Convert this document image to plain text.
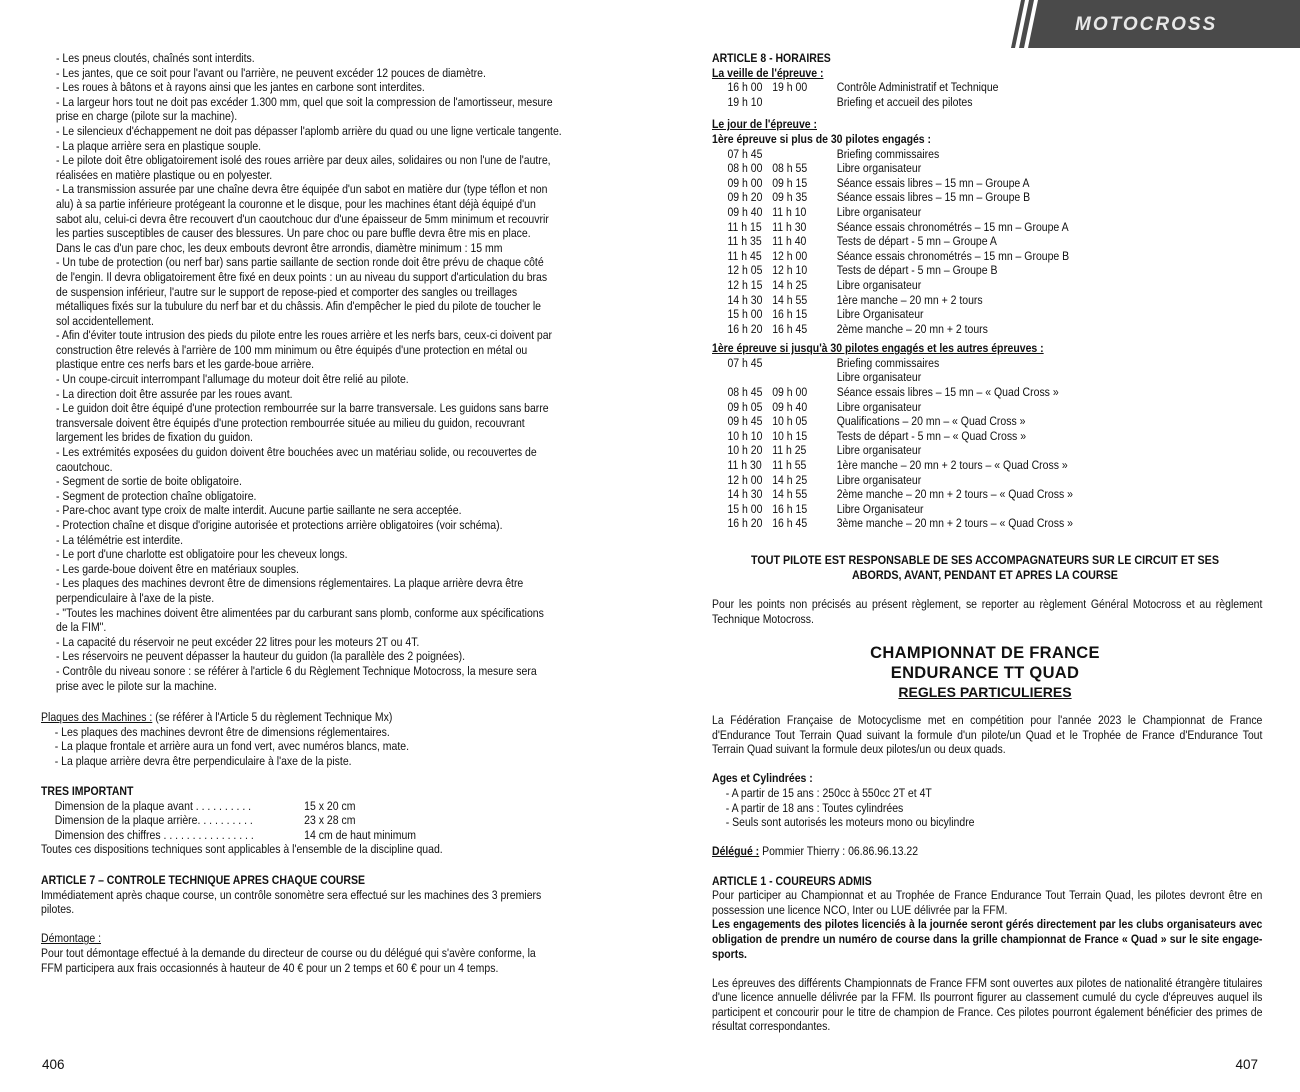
- Les pneus cloutés, chaînés sont interdits.
- Les jantes, que ce soit pour l'avant ou l'arrière, ne peuvent excéder 12 pouces de diamètre.
- Les roues à bâtons et à rayons ainsi que les jantes en carbone sont interdites.
- La largeur hors tout ne doit pas excéder 1.300 mm, quel que soit la compression de l'amortisseur, mesure
prise en charge (pilote sur la machine).
- Le silencieux d'échappement ne doit pas dépasser l'aplomb arrière du quad ou une ligne verticale tangente.
- La plaque arrière sera en plastique souple.
- Le pilote doit être obligatoirement isolé des roues arrière par deux ailes, solidaires ou non l'une de l'autre,
réalisées en matière plastique ou en polyester.
- La transmission assurée par une chaîne devra être équipée d'un sabot en matière dur (type téflon et non
alu) à sa partie inférieure protégeant la couronne et le disque, pour les machines étant déjà équipé d'un
sabot alu, celui-ci devra être recouvert d'un caoutchouc dur d'une épaisseur de 5mm minimum et recouvrir
les parties susceptibles de causer des blessures. Un pare choc ou pare buffle devra être mis en place.
Dans le cas d'un pare choc, les deux embouts devront être arrondis, diamètre minimum : 15 mm
- Un tube de protection (ou nerf bar) sans partie saillante de section ronde doit être prévu de chaque côté
de l'engin. Il devra obligatoirement être fixé en deux points : un au niveau du support d'articulation du bras
de suspension inférieur, l'autre sur le support de repose-pied et comporter des sangles ou treillages
métalliques fixés sur la tubulure du nerf bar et du châssis. Afin d'empêcher le pied du pilote de toucher le
sol accidentellement.
- Afin d'éviter toute intrusion des pieds du pilote entre les roues arrière et les nerfs bars, ceux-ci doivent par
construction être relevés à l'arrière de 100 mm minimum ou être équipés d'une protection en métal ou
plastique entre ces nerfs bars et les garde-boue arrière.
- Un coupe-circuit interrompant l'allumage du moteur doit être relié au pilote.
- La direction doit être assurée par les roues avant.
- Le guidon doit être équipé d'une protection rembourrée sur la barre transversale. Les guidons sans barre
transversale doivent être équipés d'une protection rembourrée située au milieu du guidon, recouvrant
largement les brides de fixation du guidon.
- Les extrémités exposées du guidon doivent être bouchées avec un matériau solide, ou recouvertes de
caoutchouc.
- Segment de sortie de boite obligatoire.
- Segment de protection chaîne obligatoire.
- Pare-choc avant type croix de malte interdit. Aucune partie saillante ne sera acceptée.
- Protection chaîne et disque d'origine autorisée et protections arrière obligatoires (voir schéma).
- La télémétrie est interdite.
- Le port d'une charlotte est obligatoire pour les cheveux longs.
- Les garde-boue doivent être en matériaux souples.
- Les plaques des machines devront être de dimensions réglementaires. La plaque arrière devra être
perpendiculaire à l'axe de la piste.
- "Toutes les machines doivent être alimentées par du carburant sans plomb, conforme aux spécifications
de la FIM".
- La capacité du réservoir ne peut excéder 22 litres pour les moteurs 2T ou 4T.
- Les réservoirs ne peuvent dépasser la hauteur du guidon (la parallèle des 2 poignées).
- Contrôle du niveau sonore : se référer à l'article 6 du Règlement Technique Motocross, la mesure sera
prise avec le pilote sur la machine.
Plaques des Machines : (se référer à l'Article 5 du règlement Technique Mx)
- Les plaques des machines devront être de dimensions réglementaires.
- La plaque frontale et arrière aura un fond vert, avec numéros blancs, mate.
- La plaque arrière devra être perpendiculaire à l'axe de la piste.
TRES IMPORTANT
Dimension de la plaque avant . . . . . . . . . .	15 x 20 cm
Dimension de la plaque arrière. . . . . . . . . .	23 x 28 cm
Dimension des chiffres . . . . . . . . . . . . . . . .	14 cm de haut minimum
Toutes ces dispositions techniques sont applicables à l'ensemble de la discipline quad.
ARTICLE 7 – CONTROLE TECHNIQUE APRES CHAQUE COURSE
Immédiatement après chaque course, un contrôle sonomètre sera effectué sur les machines des 3 premiers
pilotes.
Démontage :
Pour tout démontage effectué à la demande du directeur de course ou du délégué qui s'avère conforme, la
FFM participera aux frais occasionnés à hauteur de 40 € pour un 2 temps et 60 € pour un 4 temps.
406
MOTOCROSS
ARTICLE 8 - HORAIRES
La veille de l'épreuve :
16 h 00 19 h 00	Contrôle Administratif et Technique
19 h 10	Briefing et accueil des pilotes
Le jour de l'épreuve :
1ère épreuve si plus de 30 pilotes engagés :
07 h 45	Briefing commissaires
08 h 00 08 h 55	Libre organisateur
09 h 00 09 h 15	Séance essais libres – 15 mn – Groupe A
09 h 20 09 h 35	Séance essais libres – 15 mn – Groupe B
09 h 40 11 h 10	Libre organisateur
11 h 15 11 h 30	Séance essais chronométrés – 15 mn – Groupe A
11 h 35 11 h 40	Tests de départ - 5 mn – Groupe A
11 h 45 12 h 00	Séance essais chronométrés – 15 mn – Groupe B
12 h 05 12 h 10	Tests de départ - 5 mn – Groupe B
12 h 15 14 h 25	Libre organisateur
14 h 30 14 h 55	1ère manche – 20 mn + 2 tours
15 h 00 16 h 15	Libre Organisateur
16 h 20 16 h 45	2ème manche – 20 mn + 2 tours
1ère épreuve si jusqu'à 30 pilotes engagés et les autres épreuves :
07 h 45	Briefing commissaires
Libre organisateur
08 h 45 09 h 00	Séance essais libres – 15 mn – « Quad Cross »
09 h 05 09 h 40	Libre organisateur
09 h 45 10 h 05	Qualifications – 20 mn – « Quad Cross »
10 h 10 10 h 15	Tests de départ - 5 mn – « Quad Cross »
10 h 20 11 h 25	Libre organisateur
11 h 30 11 h 55	1ère manche – 20 mn + 2 tours – « Quad Cross »
12 h 00 14 h 25	Libre organisateur
14 h 30 14 h 55	2ème manche – 20 mn + 2 tours – « Quad Cross »
15 h 00 16 h 15	Libre Organisateur
16 h 20 16 h 45	3ème manche – 20 mn + 2 tours – « Quad Cross »
TOUT PILOTE EST RESPONSABLE DE SES ACCOMPAGNATEURS SUR LE CIRCUIT ET SES
ABORDS, AVANT, PENDANT ET APRES LA COURSE
Pour les points non précisés au présent règlement, se reporter au règlement Général Motocross et au règlement Technique Motocross.
CHAMPIONNAT DE FRANCE
ENDURANCE TT QUAD
REGLES PARTICULIERES
La Fédération Française de Motocyclisme met en compétition pour l'année 2023 le Championnat de France d'Endurance Tout Terrain Quad suivant la formule d'un pilote/un Quad et le Trophée de France d'Endurance Tout Terrain Quad suivant la formule deux pilotes/un ou deux quads.
Ages et Cylindrées :
- A partir de 15 ans : 250cc à 550cc 2T et 4T
- A partir de 18 ans : Toutes cylindrées
- Seuls sont autorisés les moteurs mono ou bicylindre
Délégué : Pommier Thierry : 06.86.96.13.22
ARTICLE 1 - COUREURS ADMIS
Pour participer au Championnat et au Trophée de France Endurance Tout Terrain Quad, les pilotes devront être en possession une licence NCO, Inter ou LUE délivrée par la FFM.
Les engagements des pilotes licenciés à la journée seront gérés directement par les clubs organisateurs avec obligation de prendre un numéro de course dans la grille championnat de France « Quad » sur le site engage-sports.
Les épreuves des différents Championnats de France FFM sont ouvertes aux pilotes de nationalité étrangère titulaires d'une licence annuelle délivrée par la FFM. Ils pourront figurer au classement cumulé du cycle d'épreuves auquel ils participent et concourir pour le titre de champion de France. Ces pilotes pourront également bénéficier des primes de résultat correspondantes.
407
